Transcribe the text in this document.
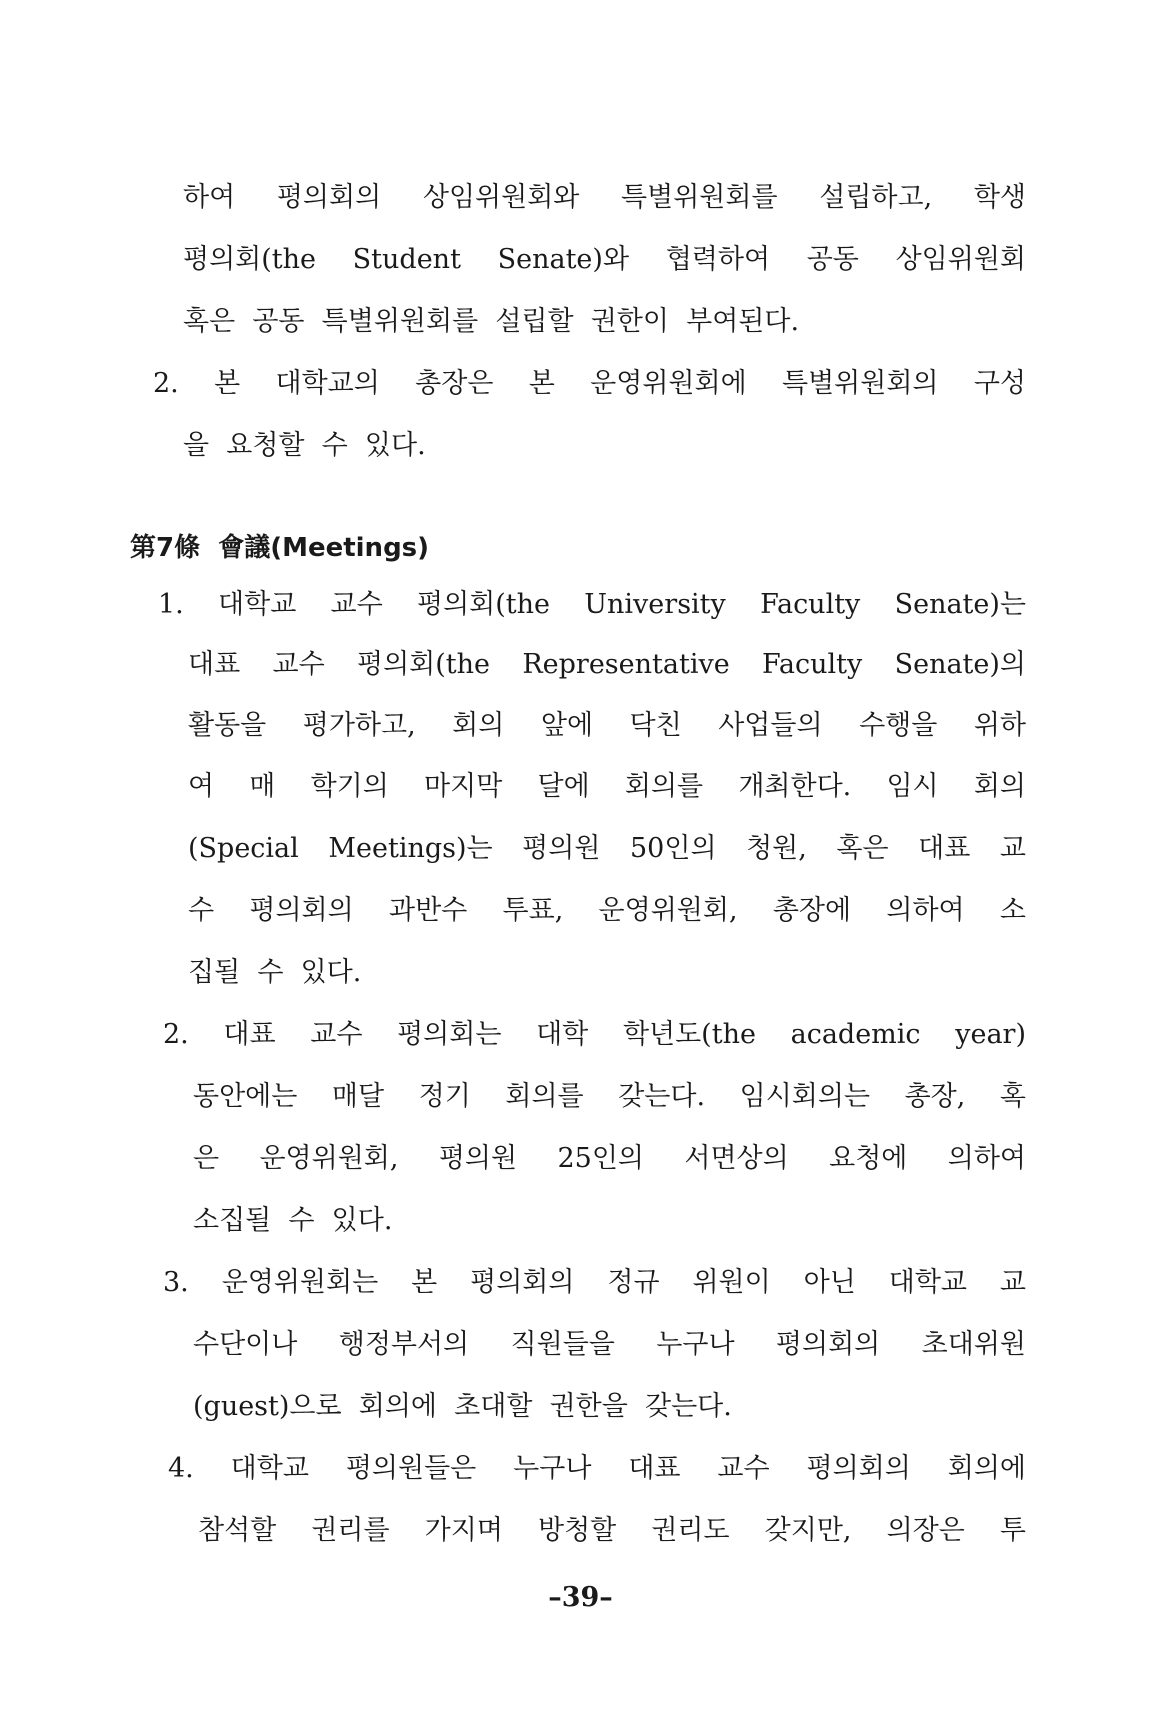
하여  평의회의  상임위원회와  특별위원회를  설립하고,  학생
평의회(the  Student  Senate)와  협력하여  공동  상임위원회
혹은  공동  특별위원회를  설립할  권한이  부여된다.
2.  본  대학교의  총장은  본  운영위원회에  특별위원회의  구성
을  요청할  수  있다.
第7條  會議(Meetings)
1.  대학교  교수  평의회(the  University  Faculty  Senate)는
대표  교수  평의회(the  Representative  Faculty  Senate)의
활동을  평가하고,  회의  앞에  닥친  사업들의  수행을  위하
여  매  학기의  마지막  달에  회의를  개최한다.  임시  회의
(Special  Meetings)는  평의원  50인의  청원,  혹은  대표  교
수  평의회의  과반수  투표,  운영위원회,  총장에  의하여  소
집될  수  있다.
2.  대표  교수  평의회는  대학  학년도(the  academic  year)
동안에는  매달  정기  회의를  갖는다.  임시회의는  총장,  혹
은  운영위원회,  평의원  25인의  서면상의  요청에  의하여
소집될  수  있다.
3.  운영위원회는  본  평의회의  정규  위원이  아닌  대학교  교
수단이나  행정부서의  직원들을  누구나  평의회의  초대위원
(guest)으로  회의에  초대할  권한을  갖는다.
4.  대학교  평의원들은  누구나  대표  교수  평의회의  회의에
참석할  권리를  가지며  방청할  권리도  갖지만,  의장은  투
–39–
